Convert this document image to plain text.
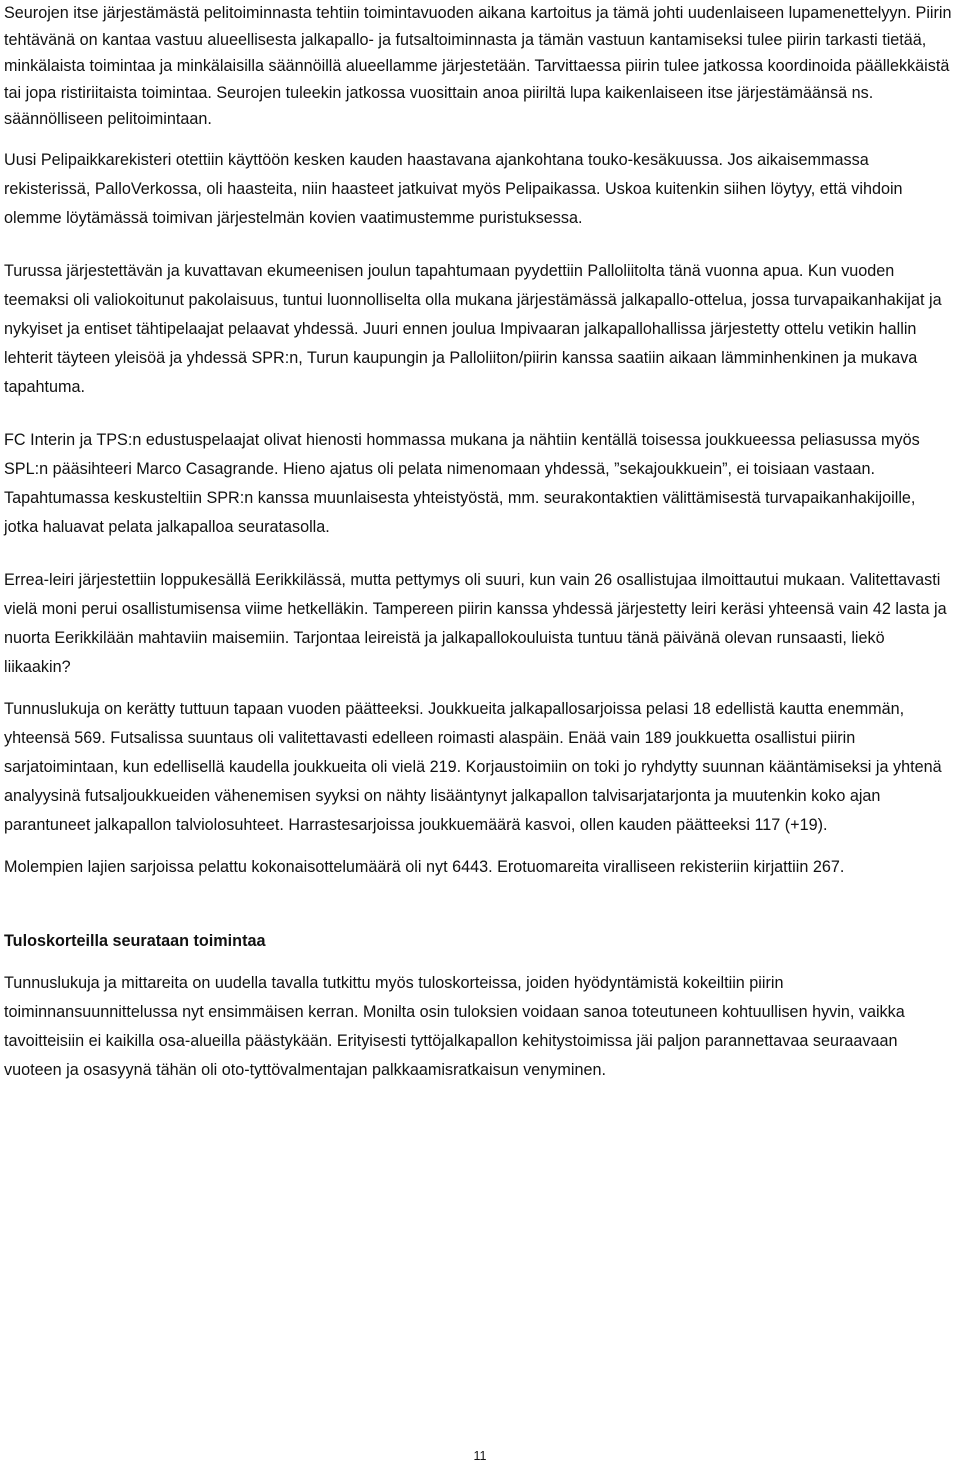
Seurojen itse järjestämästä pelitoiminnasta tehtiin toimintavuoden aikana kartoitus ja tämä johti uudenlaiseen lupamenettelyyn. Piirin tehtävänä on kantaa vastuu alueellisesta jalkapallo- ja futsaltoiminnasta ja tämän vastuun kantamiseksi tulee piirin tarkasti tietää, minkälaista toimintaa ja minkälaisilla säännöillä alueellamme järjestetään. Tarvittaessa piirin tulee jatkossa koordinoida päällekkäistä tai jopa ristiriitaista toimintaa. Seurojen tuleekin jatkossa vuosittain anoa piiriltä lupa kaikenlaiseen itse järjestämäänsä ns. säännölliseen pelitoimintaan.

Uusi Pelipaikkarekisteri otettiin käyttöön kesken kauden haastavana ajankohtana touko-kesäkuussa. Jos aikaisemmassa rekisterissä, PalloVerkossa, oli haasteita, niin haasteet jatkuivat myös Pelipaikassa. Uskoa kuitenkin siihen löytyy, että vihdoin olemme löytämässä toimivan järjestelmän kovien vaatimustemme puristuksessa.

Turussa järjestettävän ja kuvattavan ekumeenisen joulun tapahtumaan pyydettiin Palloliitolta tänä vuonna apua. Kun vuoden teemaksi oli valiokoitunut pakolaisuus, tuntui luonnolliselta olla mukana järjestämässä jalkapallo-ottelua, jossa turvapaikanhakijat ja nykyiset ja entiset tähtipelaajat pelaavat yhdessä. Juuri ennen joulua Impivaaran jalkapallohallissa järjestetty ottelu vetikin hallin lehterit täyteen yleisöä ja yhdessä SPR:n, Turun kaupungin ja Palloliiton/piirin kanssa saatiin aikaan lämminhenkinen ja mukava tapahtuma.

FC Interin ja TPS:n edustuspelaajat olivat hienosti hommassa mukana ja nähtiin kentällä toisessa joukkueessa peliasussa myös SPL:n pääsihteeri Marco Casagrande. Hieno ajatus oli pelata nimenomaan yhdessä, ”sekajoukkuein”, ei toisiaan vastaan. Tapahtumassa keskusteltiin SPR:n kanssa muunlaisesta yhteistyöstä, mm. seurakontaktien välittämisestä turvapaikanhakijoille, jotka haluavat pelata jalkapalloa seuratasolla.

Errea-leiri järjestettiin loppukesällä Eerikkilässä, mutta pettymys oli suuri, kun vain 26 osallistujaa ilmoittautui mukaan. Valitettavasti vielä moni perui osallistumisensa viime hetkelläkin. Tampereen piirin kanssa yhdessä järjestetty leiri keräsi yhteensä vain 42 lasta ja nuorta Eerikkilään mahtaviin maisemiin. Tarjontaa leireistä ja jalkapallokouluista tuntuu tänä päivänä olevan runsaasti, liekö liikaakin?

Tunnuslukuja on kerätty tuttuun tapaan vuoden päätteeksi. Joukkueita jalkapallosarjoissa pelasi 18 edellistä kautta enemmän, yhteensä 569. Futsalissa suuntaus oli valitettavasti edelleen roimasti alaspäin. Enää vain 189 joukkuetta osallistui piirin sarjatoimintaan, kun edellisellä kaudella joukkueita oli vielä 219. Korjaustoimiin on toki jo ryhdytty suunnan kääntämiseksi ja yhtenä analyysinä futsaljoukkueiden vähenemisen syyksi on nähty lisääntynyt jalkapallon talvisarjatarjonta ja muutenkin koko ajan parantuneet jalkapallon talviolosuhteet. Harrastesarjoissa joukkuemäärä kasvoi, ollen kauden päätteeksi 117 (+19).

Molempien lajien sarjoissa pelattu kokonaisottelumäärä oli nyt 6443. Erotuomareita viralliseen rekisteriin kirjattiin 267.

Tuloskorteilla seurataan toimintaa

Tunnuslukuja ja mittareita on uudella tavalla tutkittu myös tuloskorteissa, joiden hyödyntämistä kokeiltiin piirin toiminnansuunnittelussa nyt ensimmäisen kerran. Monilta osin tuloksien voidaan sanoa toteutuneen kohtuullisen hyvin, vaikka tavoitteisiin ei kaikilla osa-alueilla päästykään. Erityisesti tyttöjalkapallon kehitystoimissa jäi paljon parannettavaa seuraavaan vuoteen ja osasyynä tähän oli oto-tyttövalmentajan palkkaamisratkaisun venyminen.

11
